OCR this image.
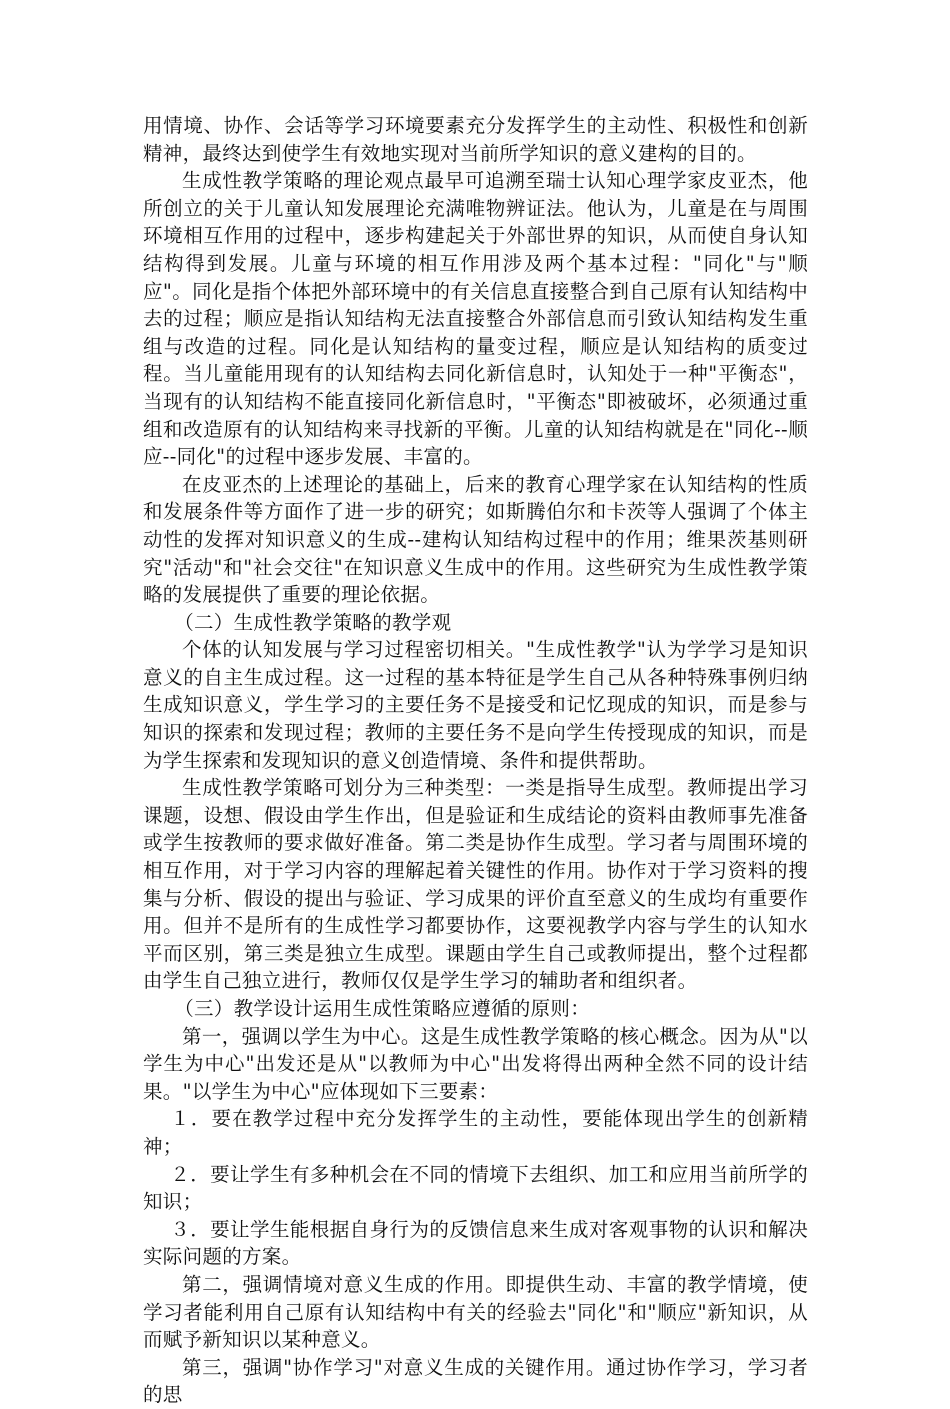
用情境、协作、会话等学习环境要素充分发挥学生的主动性、积极性和创新精神，最终达到使学生有效地实现对当前所学知识的意义建构的目的。

生成性教学策略的理论观点最早可追溯至瑞士认知心理学家皮亚杰，他所创立的关于儿童认知发展理论充满唯物辨证法。他认为，儿童是在与周围环境相互作用的过程中，逐步构建起关于外部世界的知识，从而使自身认知结构得到发展。儿童与环境的相互作用涉及两个基本过程："同化"与"顺应"。同化是指个体把外部环境中的有关信息直接整合到自己原有认知结构中去的过程；顺应是指认知结构无法直接整合外部信息而引致认知结构发生重组与改造的过程。同化是认知结构的量变过程，顺应是认知结构的质变过程。当儿童能用现有的认知结构去同化新信息时，认知处于一种"平衡态"，当现有的认知结构不能直接同化新信息时，"平衡态"即被破坏，必须通过重组和改造原有的认知结构来寻找新的平衡。儿童的认知结构就是在"同化--顺应--同化"的过程中逐步发展、丰富的。

在皮亚杰的上述理论的基础上，后来的教育心理学家在认知结构的性质和发展条件等方面作了进一步的研究；如斯腾伯尔和卡茨等人强调了个体主动性的发挥对知识意义的生成--建构认知结构过程中的作用；维果茨基则研究"活动"和"社会交往"在知识意义生成中的作用。这些研究为生成性教学策略的发展提供了重要的理论依据。

（二）生成性教学策略的教学观

个体的认知发展与学习过程密切相关。"生成性教学"认为学学习是知识意义的自主生成过程。这一过程的基本特征是学生自己从各种特殊事例归纳生成知识意义，学生学习的主要任务不是接受和记忆现成的知识，而是参与知识的探索和发现过程；教师的主要任务不是向学生传授现成的知识，而是为学生探索和发现知识的意义创造情境、条件和提供帮助。

生成性教学策略可划分为三种类型：一类是指导生成型。教师提出学习课题，设想、假设由学生作出，但是验证和生成结论的资料由教师事先准备或学生按教师的要求做好准备。第二类是协作生成型。学习者与周围环境的相互作用，对于学习内容的理解起着关键性的作用。协作对于学习资料的搜集与分析、假设的提出与验证、学习成果的评价直至意义的生成均有重要作用。但并不是所有的生成性学习都要协作，这要视教学内容与学生的认知水平而区别，第三类是独立生成型。课题由学生自己或教师提出，整个过程都由学生自己独立进行，教师仅仅是学生学习的辅助者和组织者。

（三）教学设计运用生成性策略应遵循的原则：

第一，强调以学生为中心。这是生成性教学策略的核心概念。因为从"以学生为中心"出发还是从"以教师为中心"出发将得出两种全然不同的设计结果。"以学生为中心"应体现如下三要素：

１．要在教学过程中充分发挥学生的主动性，要能体现出学生的创新精神；

２．要让学生有多种机会在不同的情境下去组织、加工和应用当前所学的知识；

３．要让学生能根据自身行为的反馈信息来生成对客观事物的认识和解决实际问题的方案。

第二，强调情境对意义生成的作用。即提供生动、丰富的教学情境，使学习者能利用自己原有认知结构中有关的经验去"同化"和"顺应"新知识，从而赋予新知识以某种意义。

第三，强调"协作学习"对意义生成的关键作用。通过协作学习，学习者的思
